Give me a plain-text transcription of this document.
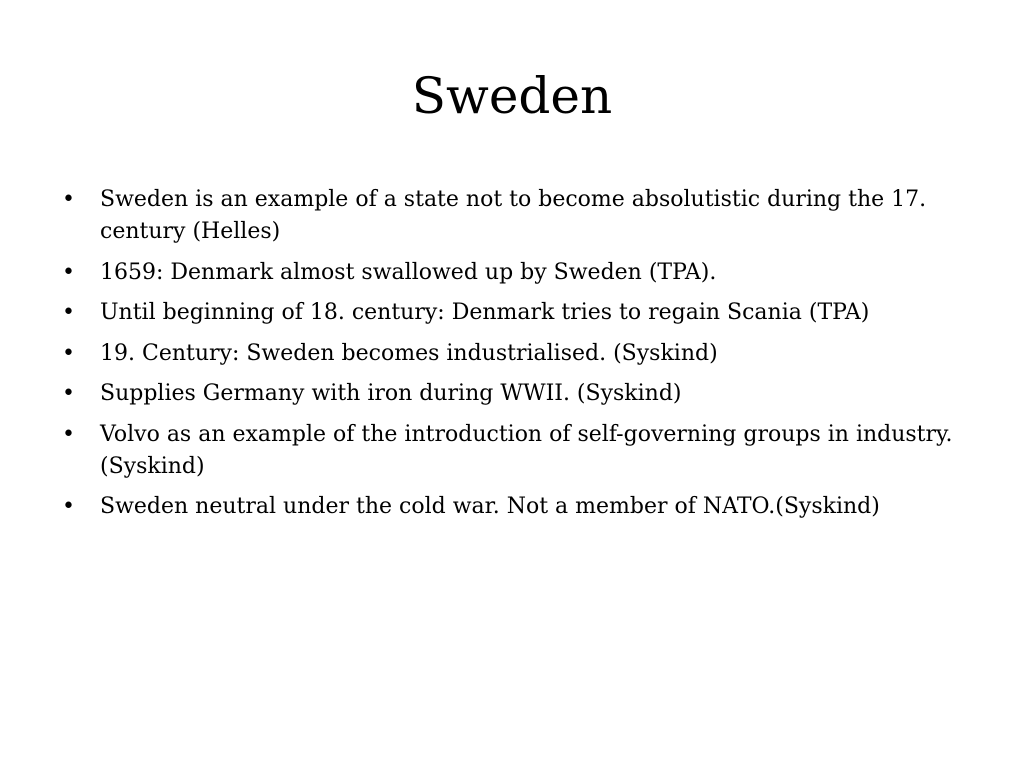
Sweden
•	Sweden is an example of a state not to become absolutistic during the 17. century (Helles)
•	1659: Denmark almost swallowed up by Sweden (TPA).
•	Until beginning of 18. century: Denmark tries to regain Scania (TPA)
•	19. Century: Sweden becomes industrialised. (Syskind)
•	Supplies Germany with iron during WWII. (Syskind)
•	Volvo as an example of the introduction of self-governing groups in industry. (Syskind)
•	Sweden neutral under the cold war. Not a member of NATO.(Syskind)
